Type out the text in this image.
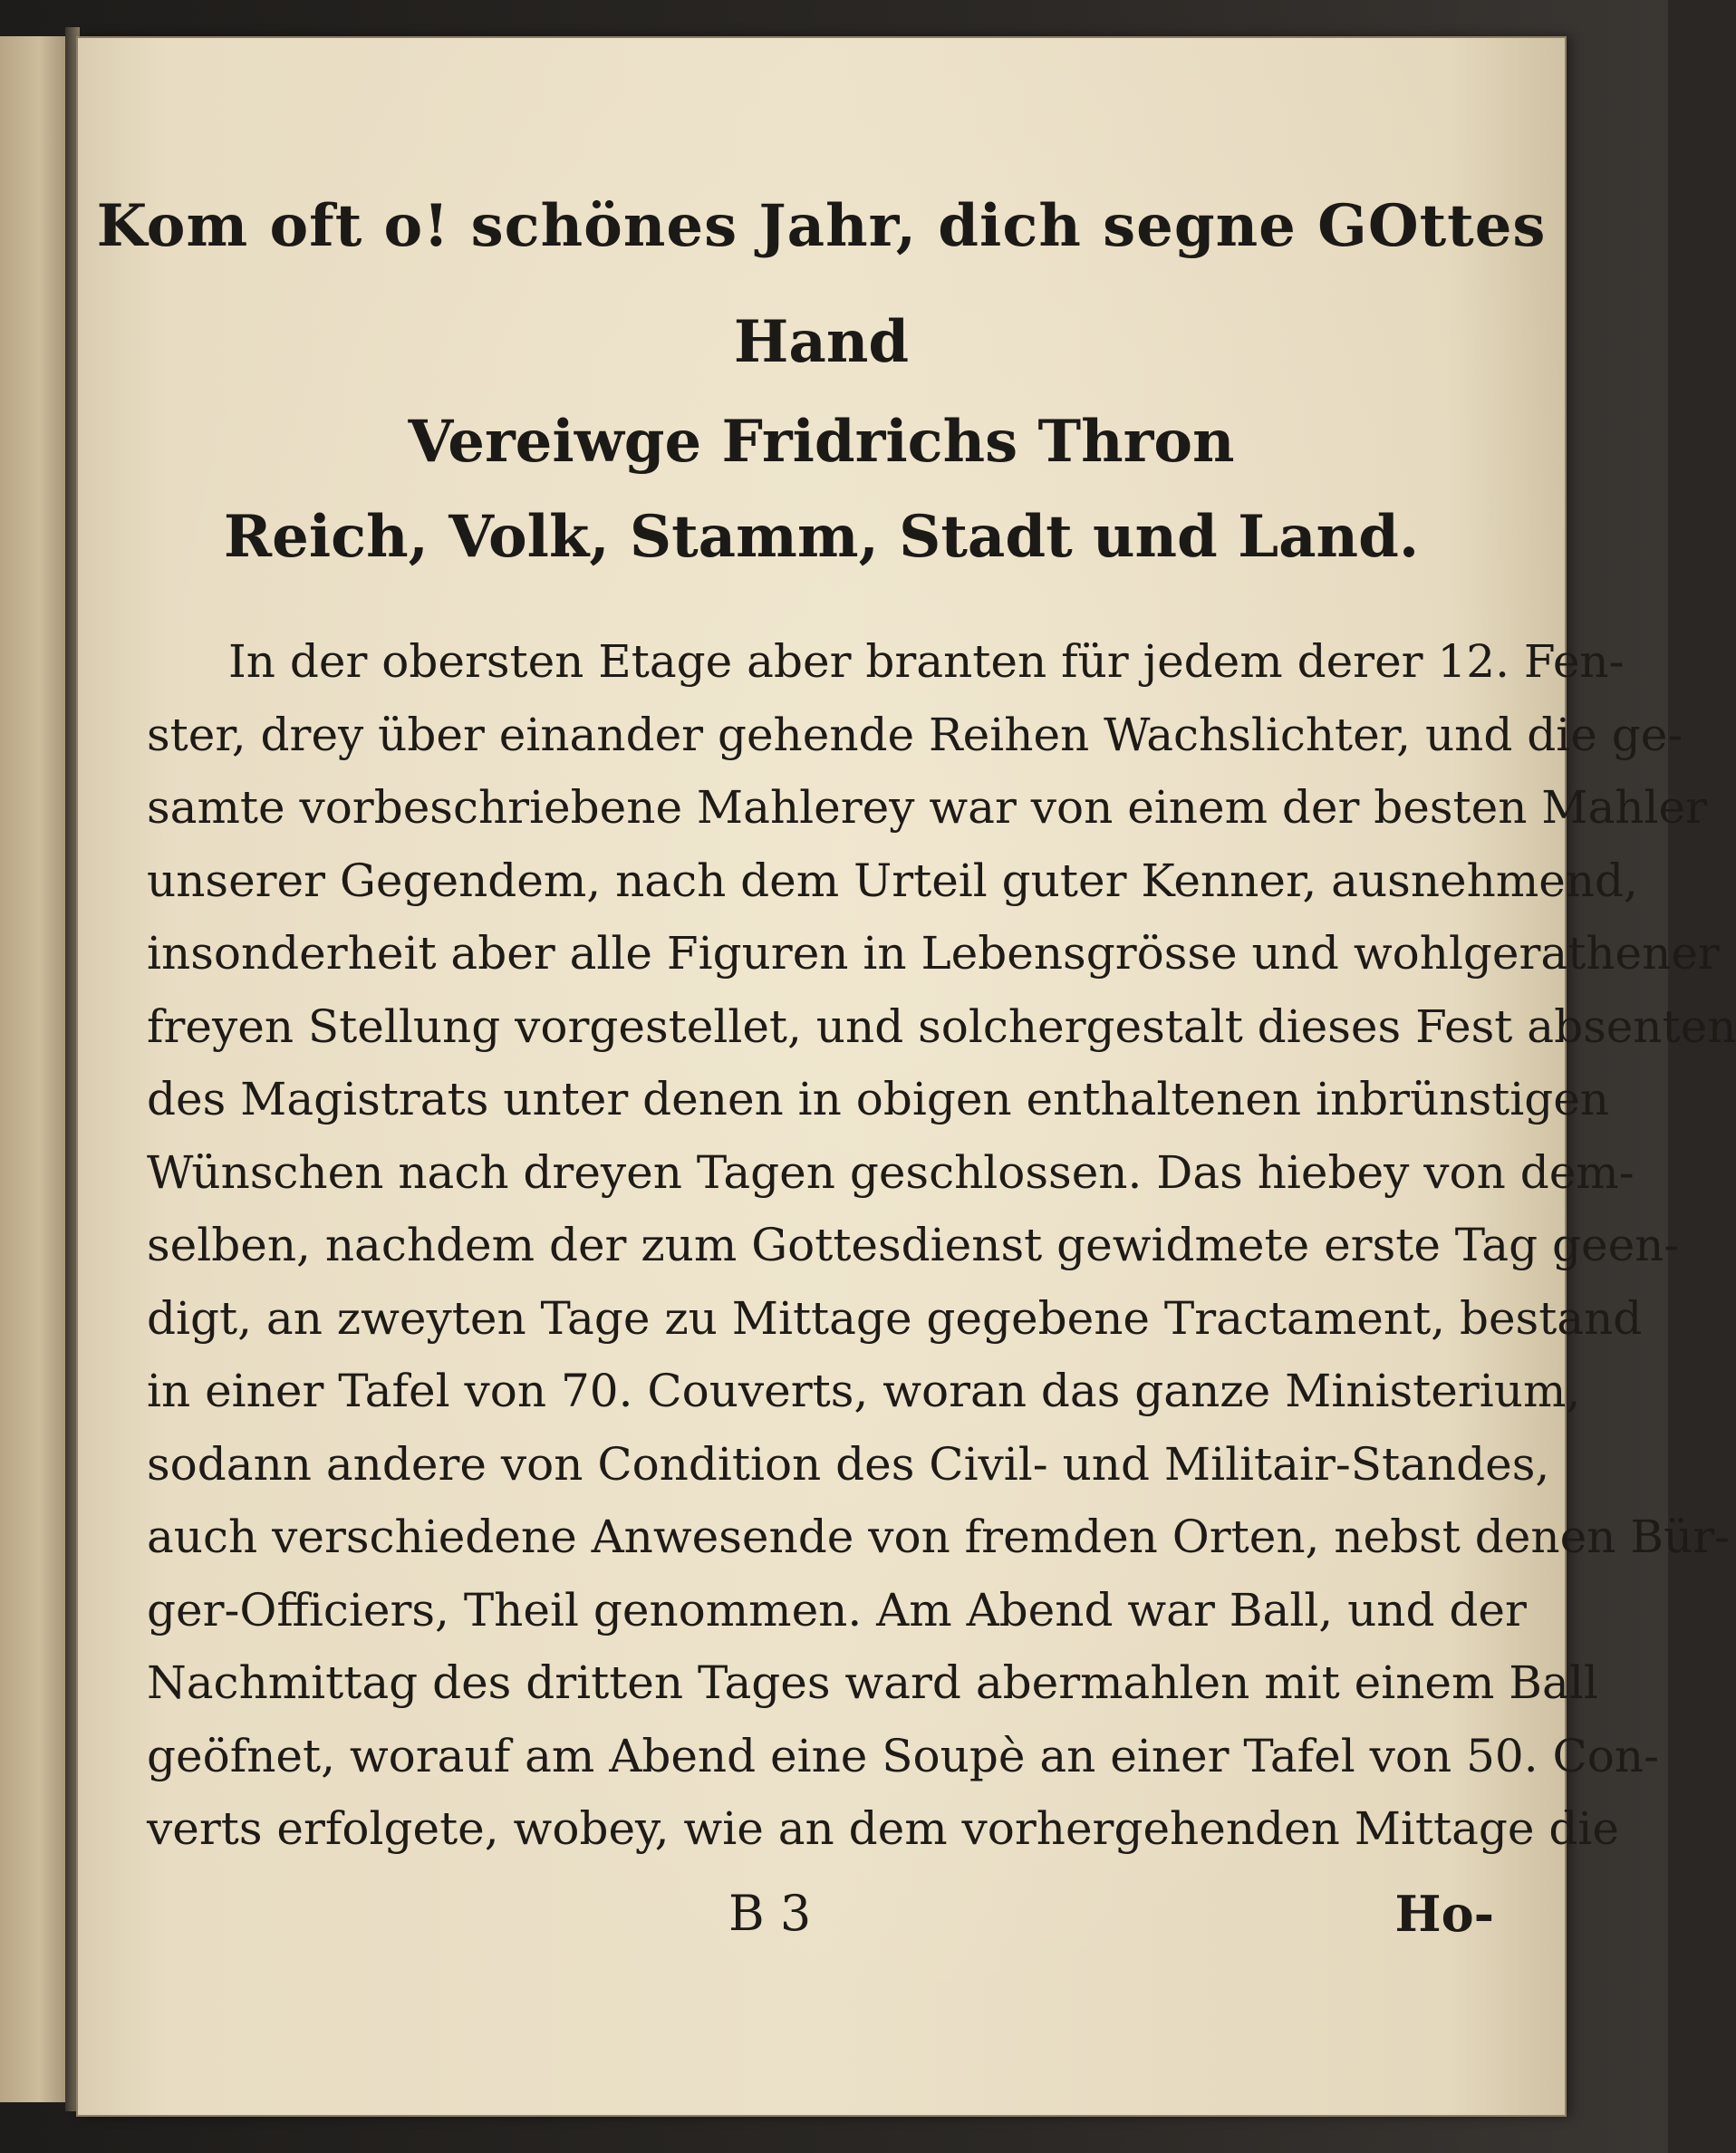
Kom oft o! schönes Jahr, dich segne GOttes
Hand
Vereiwge Fridrichs Thron
Reich, Volk, Stamm, Stadt und Land.
In der obersten Etage aber branten für jedem derer 12. Fen-
ster, drey über einander gehende Reihen Wachslichter, und die ge-
samte vorbeschriebene Mahlerey war von einem der besten Mahler
unserer Gegendem, nach dem Urteil guter Kenner, ausnehmend,
insonderheit aber alle Figuren in Lebensgrösse und wohlgerathener
freyen Stellung vorgestellet, und solchergestalt dieses Fest absenten
des Magistrats unter denen in obigen enthaltenen inbrünstigen
Wünschen nach dreyen Tagen geschlossen. Das hiebey von dem-
selben, nachdem der zum Gottesdienst gewidmete erste Tag geen-
digt, an zweyten Tage zu Mittage gegebene Tractament, bestand
in einer Tafel von 70. Couverts, woran das ganze Ministerium,
sodann andere von Condition des Civil- und Militair-Standes,
auch verschiedene Anwesende von fremden Orten, nebst denen Bür-
ger-Officiers, Theil genommen. Am Abend war Ball, und der
Nachmittag des dritten Tages ward abermahlen mit einem Ball
geöfnet, worauf am Abend eine Soupè an einer Tafel von 50. Con-
verts erfolgete, wobey, wie an dem vorhergehenden Mittage die
B 3	Ho-
